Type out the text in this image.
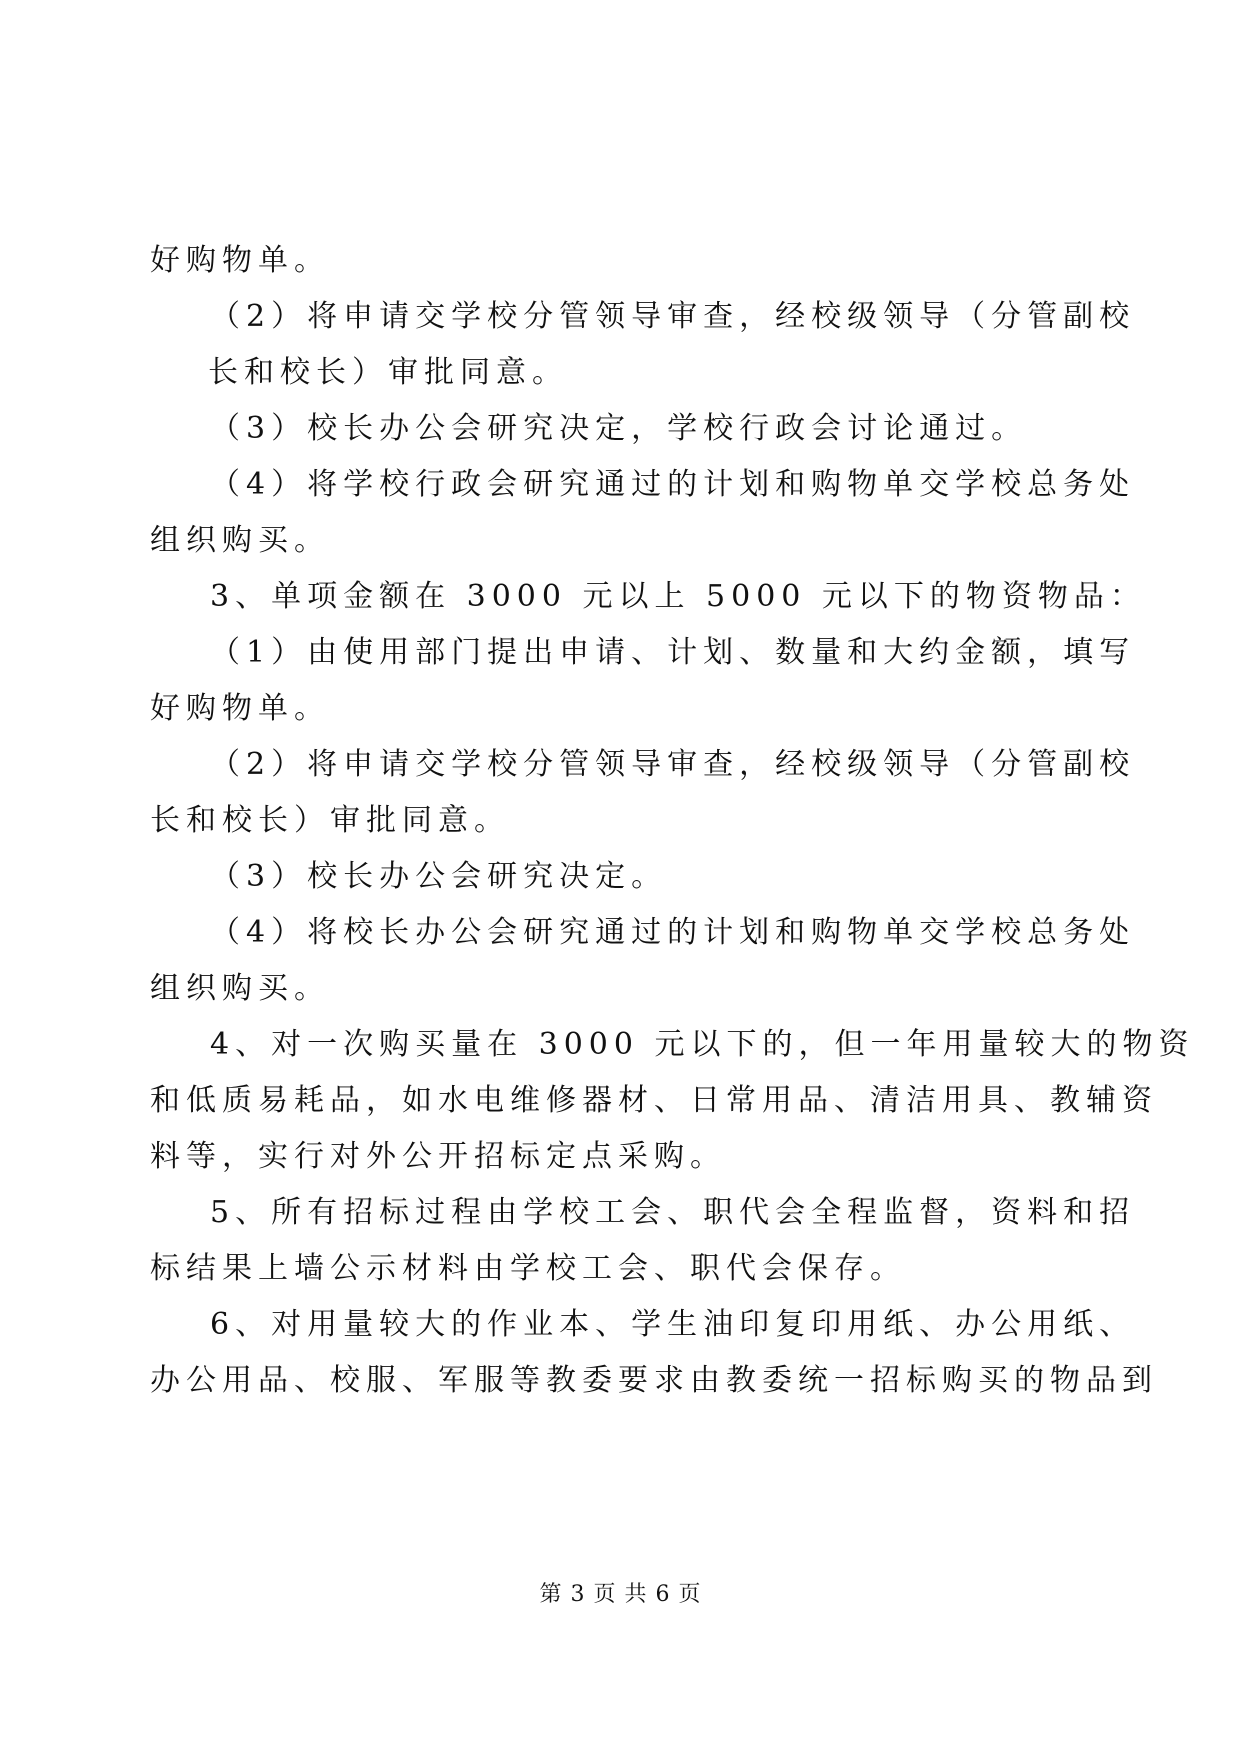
好购物单。

（2）将申请交学校分管领导审查，经校级领导（分管副校

长和校长）审批同意。

（3）校长办公会研究决定，学校行政会讨论通过。

（4）将学校行政会研究通过的计划和购物单交学校总务处

组织购买。

3、单项金额在 3000 元以上 5000 元以下的物资物品：

（1）由使用部门提出申请、计划、数量和大约金额，填写

好购物单。

（2）将申请交学校分管领导审查，经校级领导（分管副校

长和校长）审批同意。

（3）校长办公会研究决定。

（4）将校长办公会研究通过的计划和购物单交学校总务处

组织购买。

4、对一次购买量在 3000 元以下的，但一年用量较大的物资

和低质易耗品，如水电维修器材、日常用品、清洁用具、教辅资

料等，实行对外公开招标定点采购。

5、所有招标过程由学校工会、职代会全程监督，资料和招

标结果上墙公示材料由学校工会、职代会保存。

6、对用量较大的作业本、学生油印复印用纸、办公用纸、

办公用品、校服、军服等教委要求由教委统一招标购买的物品到

第 3 页 共 6 页
